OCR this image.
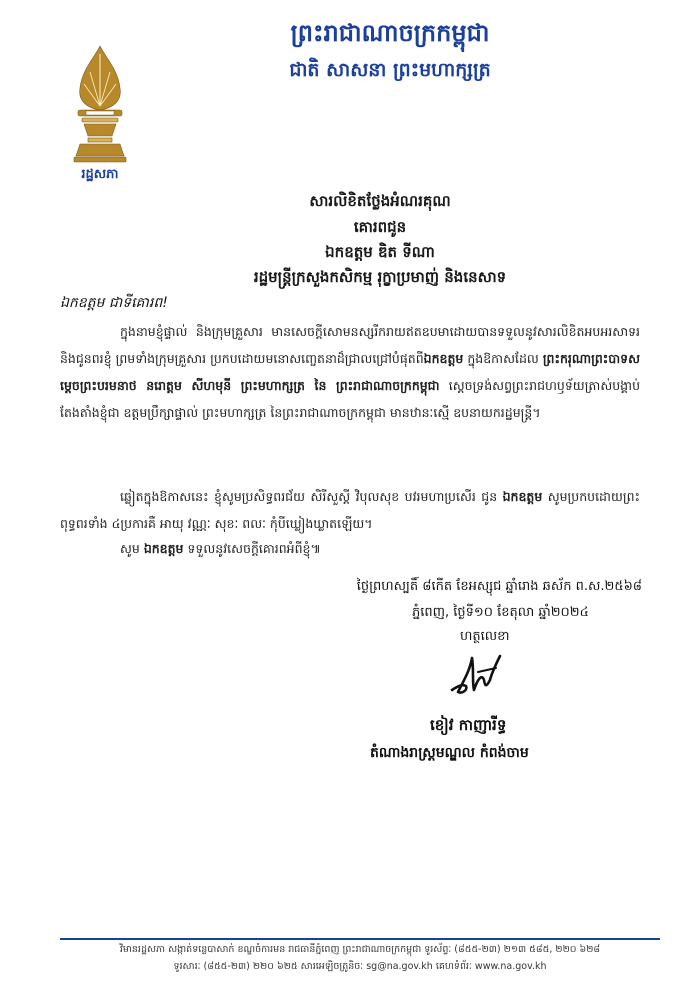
រដ្ឋសភា
ព្រះរាជាណាចក្រកម្ពុជា
ជាតិ សាសនា ព្រះមហាក្សត្រ
សារលិខិតថ្លែងអំណរគុណ
គោរពជូន
ឯកឧត្តម ឌិត ទីណា
រដ្ឋមន្ត្រីក្រសួងកសិកម្ម រុក្ខាប្រមាញ់ និងនេសាទ
ឯកឧត្តម ជាទីគោរព!
ក្នុងនាមខ្ញុំផ្ទាល់ និងក្រុមគ្រួសារ មានសេចក្តីសោមនស្សរីករាយឥតឧបមាដោយបានទទួលនូវសារលិខិតអបអរសាទរ និងជូនពរខ្ញុំ ព្រមទាំងក្រុមគ្រួសារ ប្រកបដោយមនោសញ្ចេតនាដ៏ជ្រាលជ្រៅបំផុតពីឯកឧត្តម ក្នុងឱកាសដែល ព្រះករុណាព្រះបាទសម្តេចព្រះបរមនាថ នរោត្តម សីហមុនី ព្រះមហាក្សត្រ នៃ ព្រះរាជាណាចក្រកម្ពុជា ស្តេចទ្រង់សព្វព្រះរាជហឫទ័យត្រាស់បង្គាប់តែងតាំងខ្ញុំជា ឧត្តមប្រឹក្សាផ្ទាល់ ព្រះមហាក្សត្រ នៃព្រះរាជាណាចក្រកម្ពុជា មានឋានៈស្មើ ឧបនាយករដ្ឋមន្ត្រី។
ឆ្លៀតក្នុងឱកាសនេះ ខ្ញុំសូមប្រសិទ្ធពរជ័យ សិរីសួស្តី វិបុលសុខ បវរមហាប្រសើរ ជូន ឯកឧត្តម សូមប្រកបដោយព្រះពុទ្ធពរទាំង ៤ប្រការគឺ អាយុ វណ្ណៈ សុខៈ ពលៈ កុំបីឃ្លៀងឃ្លាតឡើយ។
សូម ឯកឧត្តម ទទួលនូវសេចក្តីគោរពអំពីខ្ញុំ៕
ថ្ងៃព្រហស្បតិ៍ ៨កើត ខែអស្សុជ ឆ្នាំរោង ឆស័ក ព.ស.២៥៦៨
ភ្នំពេញ, ថ្ងៃទី១០ ខែតុលា ឆ្នាំ២០២៤
ហត្ថលេខា
ខៀវ កាញារីទ្ធ
តំណាងរាស្ត្រមណ្ឌល កំពង់ចាម
វិមានរដ្ឋសភា សង្កាត់ទន្លេបាសាក់ ខណ្ឌចំការមន រាជធានីភ្នំពេញ ព្រះរាជាណាចក្រកម្ពុជា ទូរស័ព្ទៈ (៨៥៥-២៣) ២១៣ ៥៨៥, ២២០ ៦២៨
ទូរសារៈ (៨៥៥-២៣) ២២០ ៦២៥ សារអេឡិចត្រូនិចៈ sg@na.gov.kh គេហទំព័រៈ www.na.gov.kh
